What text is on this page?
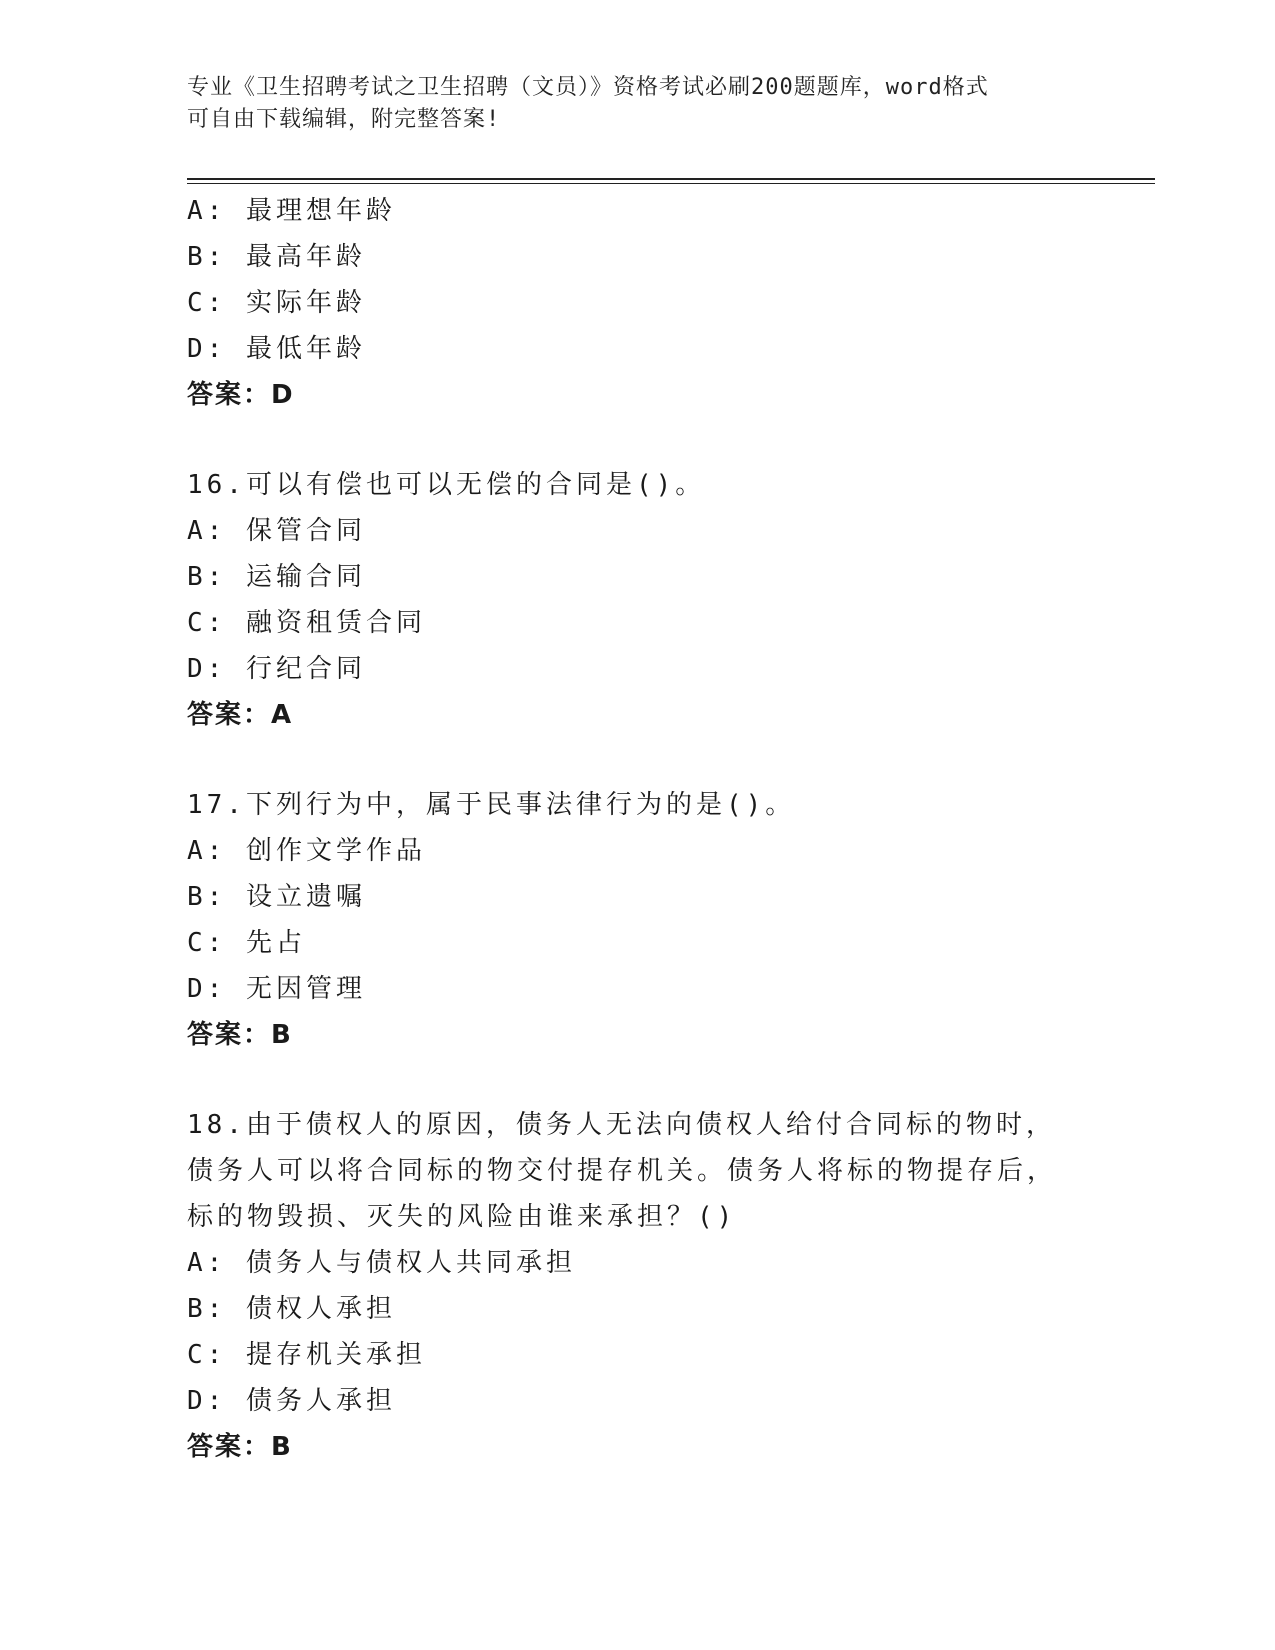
专业《卫生招聘考试之卫生招聘（文员）》资格考试必刷200题题库，word格式
可自由下载编辑，附完整答案!
A: 最理想年龄
B: 最高年龄
C: 实际年龄
D: 最低年龄
答案：D
16.可以有偿也可以无偿的合同是()。
A: 保管合同
B: 运输合同
C: 融资租赁合同
D: 行纪合同
答案：A
17.下列行为中，属于民事法律行为的是()。
A: 创作文学作品
B: 设立遗嘱
C: 先占
D: 无因管理
答案：B
18.由于债权人的原因，债务人无法向债权人给付合同标的物时，债务人可以将合同标的物交付提存机关。债务人将标的物提存后，标的物毁损、灭失的风险由谁来承担？()
A: 债务人与债权人共同承担
B: 债权人承担
C: 提存机关承担
D: 债务人承担
答案：B
